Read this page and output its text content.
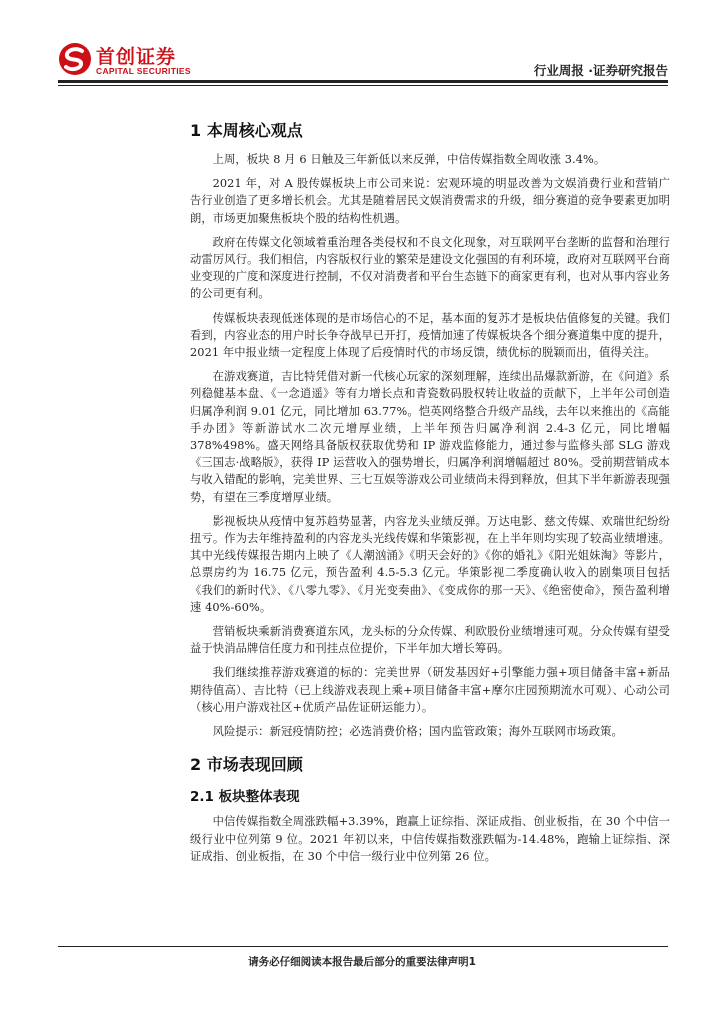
首创证券
CAPITAL SECURITIES	行业周报 ·证券研究报告
1 本周核心观点

上周，板块 8 月 6 日触及三年新低以来反弹，中信传媒指数全周收涨 3.4%。

2021 年，对 A 股传媒板块上市公司来说：宏观环境的明显改善为文娱消费行业和营销广告行业创造了更多增长机会。尤其是随着居民文娱消费需求的升级，细分赛道的竞争要素更加明朗，市场更加聚焦板块个股的结构性机遇。

政府在传媒文化领域着重治理各类侵权和不良文化现象，对互联网平台垄断的监督和治理行动雷厉风行。我们相信，内容版权行业的繁荣是建设文化强国的有利环境，政府对互联网平台商业变现的广度和深度进行控制，不仅对消费者和平台生态链下的商家更有利，也对从事内容业务的公司更有利。

传媒板块表现低迷体现的是市场信心的不足，基本面的复苏才是板块估值修复的关键。我们看到，内容业态的用户时长争夺战早已开打，疫情加速了传媒板块各个细分赛道集中度的提升，2021 年中报业绩一定程度上体现了后疫情时代的市场反馈，绩优标的脱颖而出，值得关注。

在游戏赛道，吉比特凭借对新一代核心玩家的深刻理解，连续出品爆款新游，在《问道》系列稳健基本盘、《一念逍遥》等有力增长点和青瓷数码股权转让收益的贡献下，上半年公司创造归属净利润 9.01 亿元，同比增加 63.77%。恺英网络整合升级产品线，去年以来推出的《高能手办团》等新游试水二次元增厚业绩，上半年预告归属净利润 2.4-3 亿元，同比增幅 378%498%。盛天网络具备版权获取优势和 IP 游戏监修能力，通过参与监修头部 SLG 游戏《三国志·战略版》，获得 IP 运营收入的强势增长，归属净利润增幅超过 80%。受前期营销成本与收入错配的影响，完美世界、三七互娱等游戏公司业绩尚未得到释放，但其下半年新游表现强势，有望在三季度增厚业绩。

影视板块从疫情中复苏趋势显著，内容龙头业绩反弹。万达电影、慈文传媒、欢瑞世纪纷纷扭亏。作为去年维持盈利的内容龙头光线传媒和华策影视，在上半年则均实现了较高业绩增速。其中光线传媒报告期内上映了《人潮汹涌》《明天会好的》《你的婚礼》《阳光姐妹淘》等影片，总票房约为 16.75 亿元，预告盈利 4.5-5.3 亿元。华策影视二季度确认收入的剧集项目包括《我们的新时代》、《八零九零》、《月光变奏曲》、《变成你的那一天》、《绝密使命》，预告盈利增速 40%-60%。

营销板块乘新消费赛道东风，龙头标的分众传媒、利欧股份业绩增速可观。分众传媒有望受益于快消品牌信任度力和刊挂点位提价，下半年加大增长筹码。

我们继续推荐游戏赛道的标的：完美世界（研发基因好+引擎能力强+项目储备丰富+新品期待值高）、吉比特（已上线游戏表现上乘+项目储备丰富+摩尔庄园预期流水可观）、心动公司（核心用户游戏社区+优质产品佐证研运能力）。

风险提示：新冠疫情防控；必选消费价格；国内监管政策；海外互联网市场政策。

2 市场表现回顾
2.1 板块整体表现

中信传媒指数全周涨跌幅+3.39%，跑赢上证综指、深证成指、创业板指，在 30 个中信一级行业中位列第 9 位。2021 年初以来，中信传媒指数涨跌幅为-14.48%，跑输上证综指、深证成指、创业板指，在 30 个中信一级行业中位列第 26 位。

请务必仔细阅读本报告最后部分的重要法律声明1
